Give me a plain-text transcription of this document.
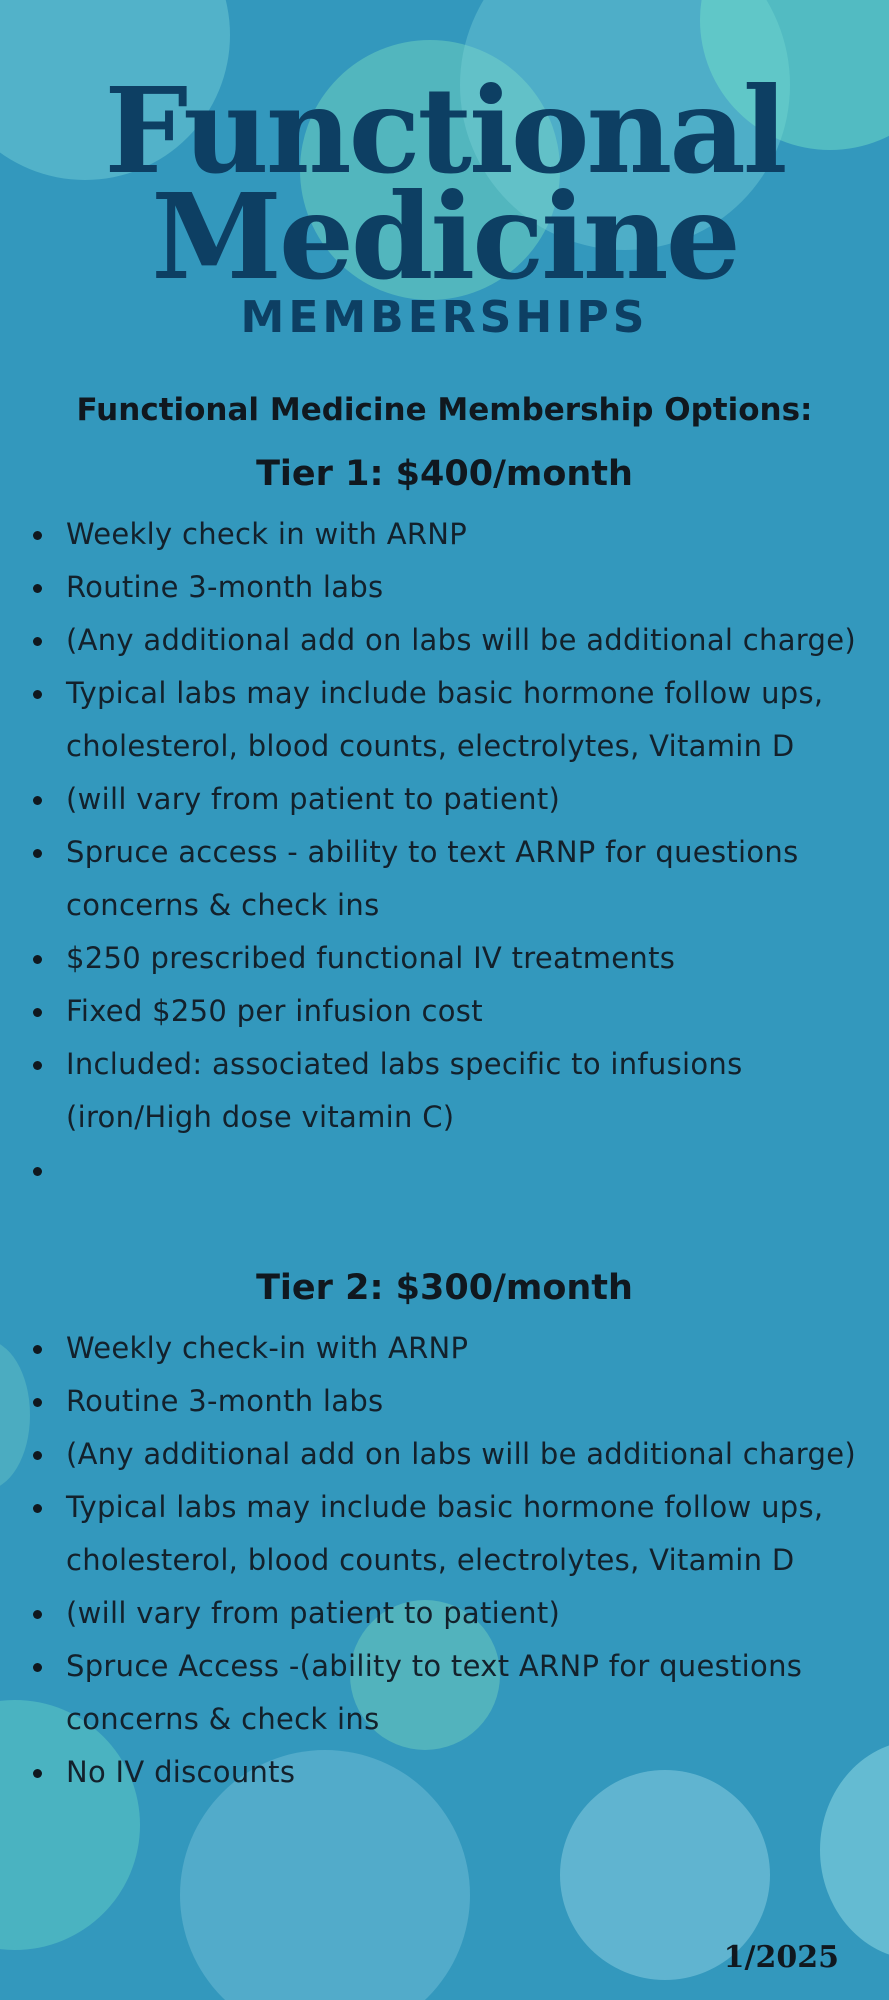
Functional
Medicine
MEMBERSHIPS
Functional Medicine Membership Options:
Tier 1: $400/month
Weekly check in with ARNP
Routine 3-month labs
(Any additional add on labs will be additional charge)
Typical labs may include basic hormone follow ups, cholesterol, blood counts, electrolytes, Vitamin D
(will vary from patient to patient)
Spruce access - ability to text ARNP for questions concerns & check ins
$250 prescribed functional IV treatments
Fixed $250 per infusion cost
Included: associated labs specific to infusions (iron/High dose vitamin C)
Tier 2: $300/month
Weekly check-in with ARNP
Routine 3-month labs
(Any additional add on labs will be additional charge)
Typical labs may include basic hormone follow ups, cholesterol, blood counts, electrolytes, Vitamin D
(will vary from patient to patient)
Spruce Access -(ability to text ARNP for questions concerns & check ins
No IV discounts
1/2025
